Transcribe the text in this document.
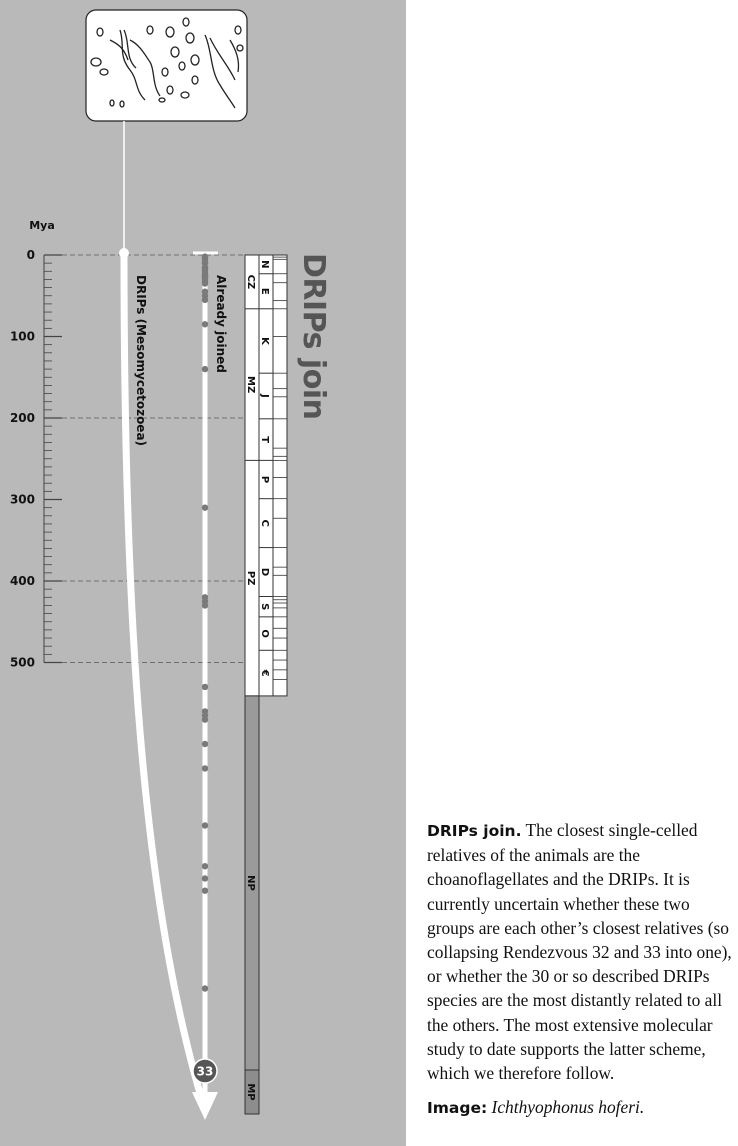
Mya
0
100
200
300
400
500
33
DRIPs (Mesomycetozoea)	Already joined CZ
MZ
PZ
N
E
K
J
T
P
C
D
S
O
€
NP
MP
DRIPs join

DRIPs join. The closest single-celled relatives of the animals are the choanoflagellates and the DRIPs. It is currently uncertain whether these two groups are each other’s closest relatives (so collapsing Rendezvous 32 and 33 into one), or whether the 30 or so described DRIPs species are the most distantly related to all the others. The most extensive molecular study to date supports the latter scheme, which we therefore follow.

Image: Ichthyophonus hoferi.
